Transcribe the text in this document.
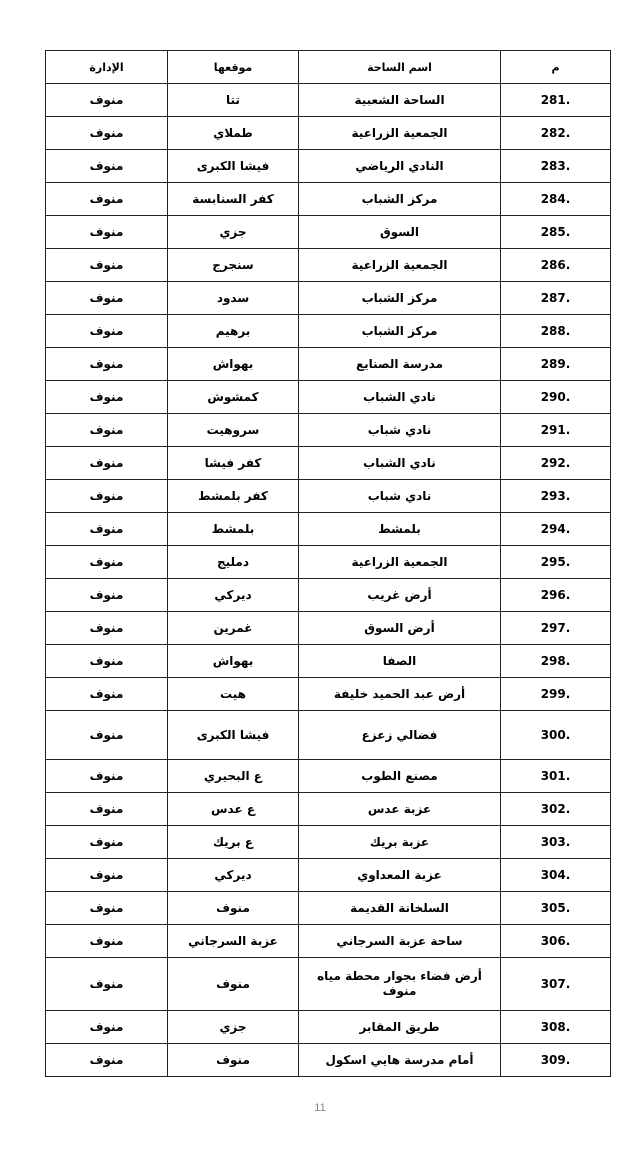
م	اسم الساحة	موقعها	الإدارة
281.	الساحة الشعبية	تتا	منوف
282.	الجمعية الزراعية	طملاي	منوف
283.	النادي الرياضي	فيشا الكبرى	منوف
284.	مركز الشباب	كفر السنابسة	منوف
285.	السوق	جزي	منوف
286.	الجمعية الزراعية	سنجرج	منوف
287.	مركز الشباب	سدود	منوف
288.	مركز الشباب	برهيم	منوف
289.	مدرسة الصنايع	بهواش	منوف
290.	نادي الشباب	كمشوش	منوف
291.	نادي شباب	سروهيت	منوف
292.	نادي الشباب	كفر فيشا	منوف
293.	نادي شباب	كفر بلمشط	منوف
294.	بلمشط	بلمشط	منوف
295.	الجمعية الزراعية	دمليج	منوف
296.	أرض غريب	ديركي	منوف
297.	أرض السوق	غمرين	منوف
298.	الصفا	بهواش	منوف
299.	أرض عبد الحميد خليفة	هيت	منوف
300.	فضالي زعزع	فيشا الكبرى	منوف
301.	مصنع الطوب	ع البحيري	منوف
302.	عزبة عدس	ع عدس	منوف
303.	عزبة بريك	ع بريك	منوف
304.	عزبة المعداوي	ديركي	منوف
305.	السلخانة القديمة	منوف	منوف
306.	ساحة عزبة السرجاني	عزبة السرجاني	منوف
307.	أرض فضاء بجوار محطة مياه منوف	منوف	منوف
308.	طريق المقابر	جزي	منوف
309.	أمام مدرسة هايي اسكول	منوف	منوف
11
